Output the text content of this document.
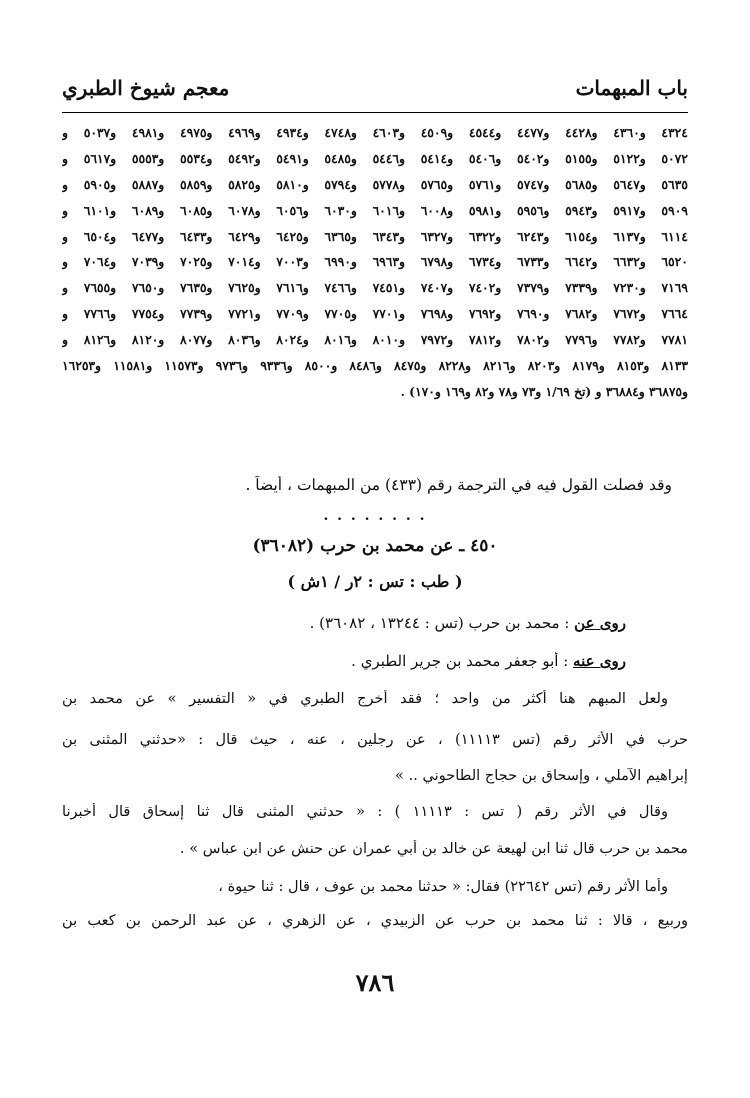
باب المبهمات
معجم شيوخ الطبري
٤٣٢٤ و٤٣٦٠ و٤٤٢٨ و٤٤٧٧ و٤٥٤٤ و٤٥٠٩ و٤٦٠٣ و٤٧٤٨ و٤٩٣٤ و٤٩٦٩ و٤٩٧٥ و٤٩٨١ و٥٠٣٧ و
٥٠٧٢ و٥١٢٢ و٥١٥٥ و٥٤٠٢ و٥٤٠٦ و٥٤١٤ و٥٤٤٦ و٥٤٨٥ و٥٤٩١ و٥٤٩٢ و٥٥٣٤ و٥٥٥٣ و٥٦١٧ و
٥٦٣٥ و٥٦٤٧ و٥٦٨٥ و٥٧٤٧ و٥٧٦١ و٥٧٦٥ و٥٧٧٨ و٥٧٩٤ و٥٨١٠ و٥٨٢٥ و٥٨٥٩ و٥٨٨٧ و٥٩٠٥ و
٥٩٠٩ و٥٩١٧ و٥٩٤٣ و٥٩٥٦ و٥٩٨١ و٦٠٠٨ و٦٠١٦ و٦٠٣٠ و٦٠٥٦ و٦٠٧٨ و٦٠٨٥ و٦٠٨٩ و٦١٠١ و
٦١١٤ و٦١٣٧ و٦١٥٤ و٦٢٤٣ و٦٣٢٢ و٦٣٢٧ و٦٣٤٣ و٦٣٦٥ و٦٤٢٥ و٦٤٢٩ و٦٤٣٣ و٦٤٧٧ و٦٥٠٤ و
٦٥٢٠ و٦٦٣٢ و٦٦٤٢ و٦٧٣٣ و٦٧٣٤ و٦٧٩٨ و٦٩٦٣ و٦٩٩٠ و٧٠٠٣ و٧٠١٤ و٧٠٢٥ و٧٠٣٩ و٧٠٦٤ و
٧١٦٩ و٧٢٣٠ و٧٣٣٩ و٧٣٧٩ و٧٤٠٢ و٧٤٠٧ و٧٤٥١ و٧٤٦٦ و٧٦١٦ و٧٦٢٥ و٧٦٣٥ و٧٦٥٠ و٧٦٥٥ و
٧٦٦٤ و٧٦٧٢ و٧٦٨٢ و٧٦٩٠ و٧٦٩٢ و٧٦٩٨ و٧٧٠١ و٧٧٠٥ و٧٧٠٩ و٧٧٢١ و٧٧٣٩ و٧٧٥٤ و٧٧٦٦ و
٧٧٨١ و٧٧٨٢ و٧٧٩٦ و٧٨٠٢ و٧٨١٢ و٧٩٧٢ و٨٠١٠ و٨٠١٦ و٨٠٢٤ و٨٠٣٦ و٨٠٧٧ و٨١٢٠ و٨١٢٦ و
٨١٣٣ و٨١٥٣ و٨١٧٩ و٨٢٠٣ و٨٢١٦ و٨٢٢٨ و٨٤٧٥ و٨٤٨٦ و٨٥٠٠ و٩٣٣٦ و٩٧٣٦ و١١٥٧٣ و١١٥٨١ و١٦٢٥٣
و٣٦٨٧٥ و٣٦٨٨٤ و (تخ ١/٦٩ و٧٣ و٧٨ و٨٢ و١٦٩ و١٧٠) .
وقد فصلت القول فيه في الترجمة رقم (٤٣٣) من المبهمات ، أيضاً .
. . . . . . . .
٤٥٠ ـ عن محمد بن حرب (٣٦٠٨٢)
( طب : تس : ٢ر / ١ش )
روى عن : محمد بن حرب (تس : ١٣٢٤٤ ، ٣٦٠٨٢) .
روى عنه : أبو جعفر محمد بن جرير الطبري .
ولعل المبهم هنا أكثر من واحد ؛ فقد أخرج الطبري في « التفسير » عن محمد بن
حرب في الأثر رقم (تس ١١١١٣) ، عن رجلين ، عنه ، حيث قال : «حدثني المثنى بن
إبراهيم الآملي ، وإسحاق بن حجاج الطاحوني .. »
وقال في الأثر رقم ( تس : ١١١١٣ ) : « حدثني المثنى قال ثنا إسحاق قال أخبرنا
محمد بن حرب قال ثنا ابن لهيعة عن خالد بن أبي عمران عن حنش عن ابن عباس » .
وأما الأثر رقم (تس ٢٢٦٤٢) فقال: « حدثنا محمد بن عوف ، قال : ثنا حيوة ،
وربيع ، قالا : ثنا محمد بن حرب عن الزبيدي ، عن الزهري ، عن عبد الرحمن بن كعب بن
٧٨٦
